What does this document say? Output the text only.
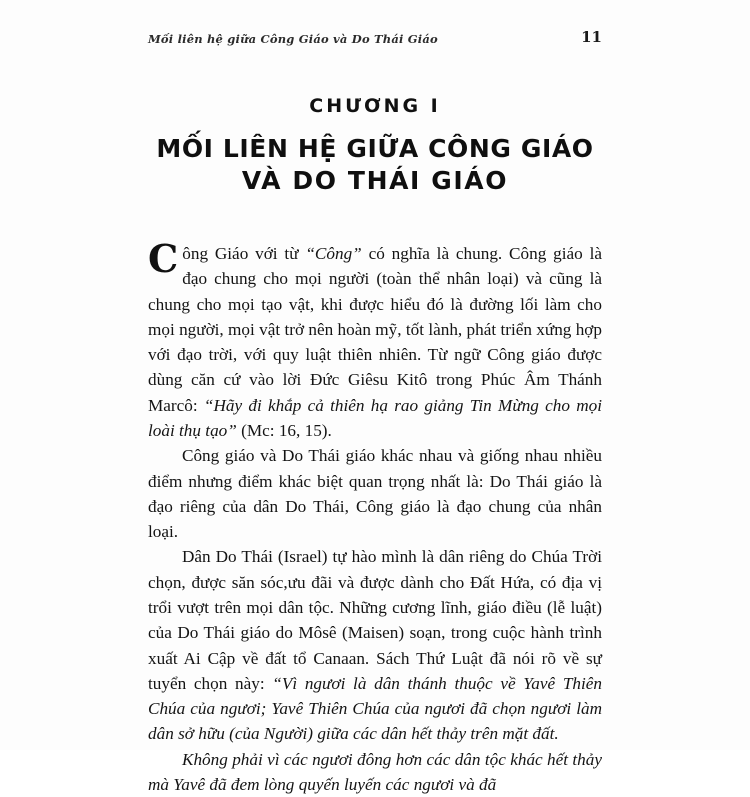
Mối liên hệ giữa Công Giáo và Do Thái Giáo	11
CHƯƠNG I
MỐI LIÊN HỆ GIỮA CÔNG GIÁO
VÀ DO THÁI GIÁO

Công Giáo với từ “Công” có nghĩa là chung. Công giáo là đạo chung cho mọi người (toàn thể nhân loại) và cũng là chung cho mọi tạo vật, khi được hiểu đó là đường lối làm cho mọi người, mọi vật trở nên hoàn mỹ, tốt lành, phát triển xứng hợp với đạo trời, với quy luật thiên nhiên. Từ ngữ Công giáo được dùng căn cứ vào lời Đức Giêsu Kitô trong Phúc Âm Thánh Marcô: “Hãy đi khắp cả thiên hạ rao giảng Tin Mừng cho mọi loài thụ tạo” (Mc: 16, 15).

Công giáo và Do Thái giáo khác nhau và giống nhau nhiều điểm nhưng điểm khác biệt quan trọng nhất là: Do Thái giáo là đạo riêng của dân Do Thái, Công giáo là đạo chung của nhân loại.

Dân Do Thái (Israel) tự hào mình là dân riêng do Chúa Trời chọn, được săn sóc,ưu đãi và được dành cho Đất Hứa, có địa vị trổi vượt trên mọi dân tộc. Những cương lĩnh, giáo điều (lễ luật) của Do Thái giáo do Môsê (Maisen) soạn, trong cuộc hành trình xuất Ai Cập về đất tổ Canaan. Sách Thứ Luật đã nói rõ về sự tuyển chọn này: “Vì ngươi là dân thánh thuộc về Yavê Thiên Chúa của ngươi; Yavê Thiên Chúa của ngươi đã chọn ngươi làm dân sở hữu (của Người) giữa các dân hết thảy trên mặt đất.

Không phải vì các ngươi đông hơn các dân tộc khác hết thảy mà Yavê đã đem lòng quyến luyến các ngươi và đã
